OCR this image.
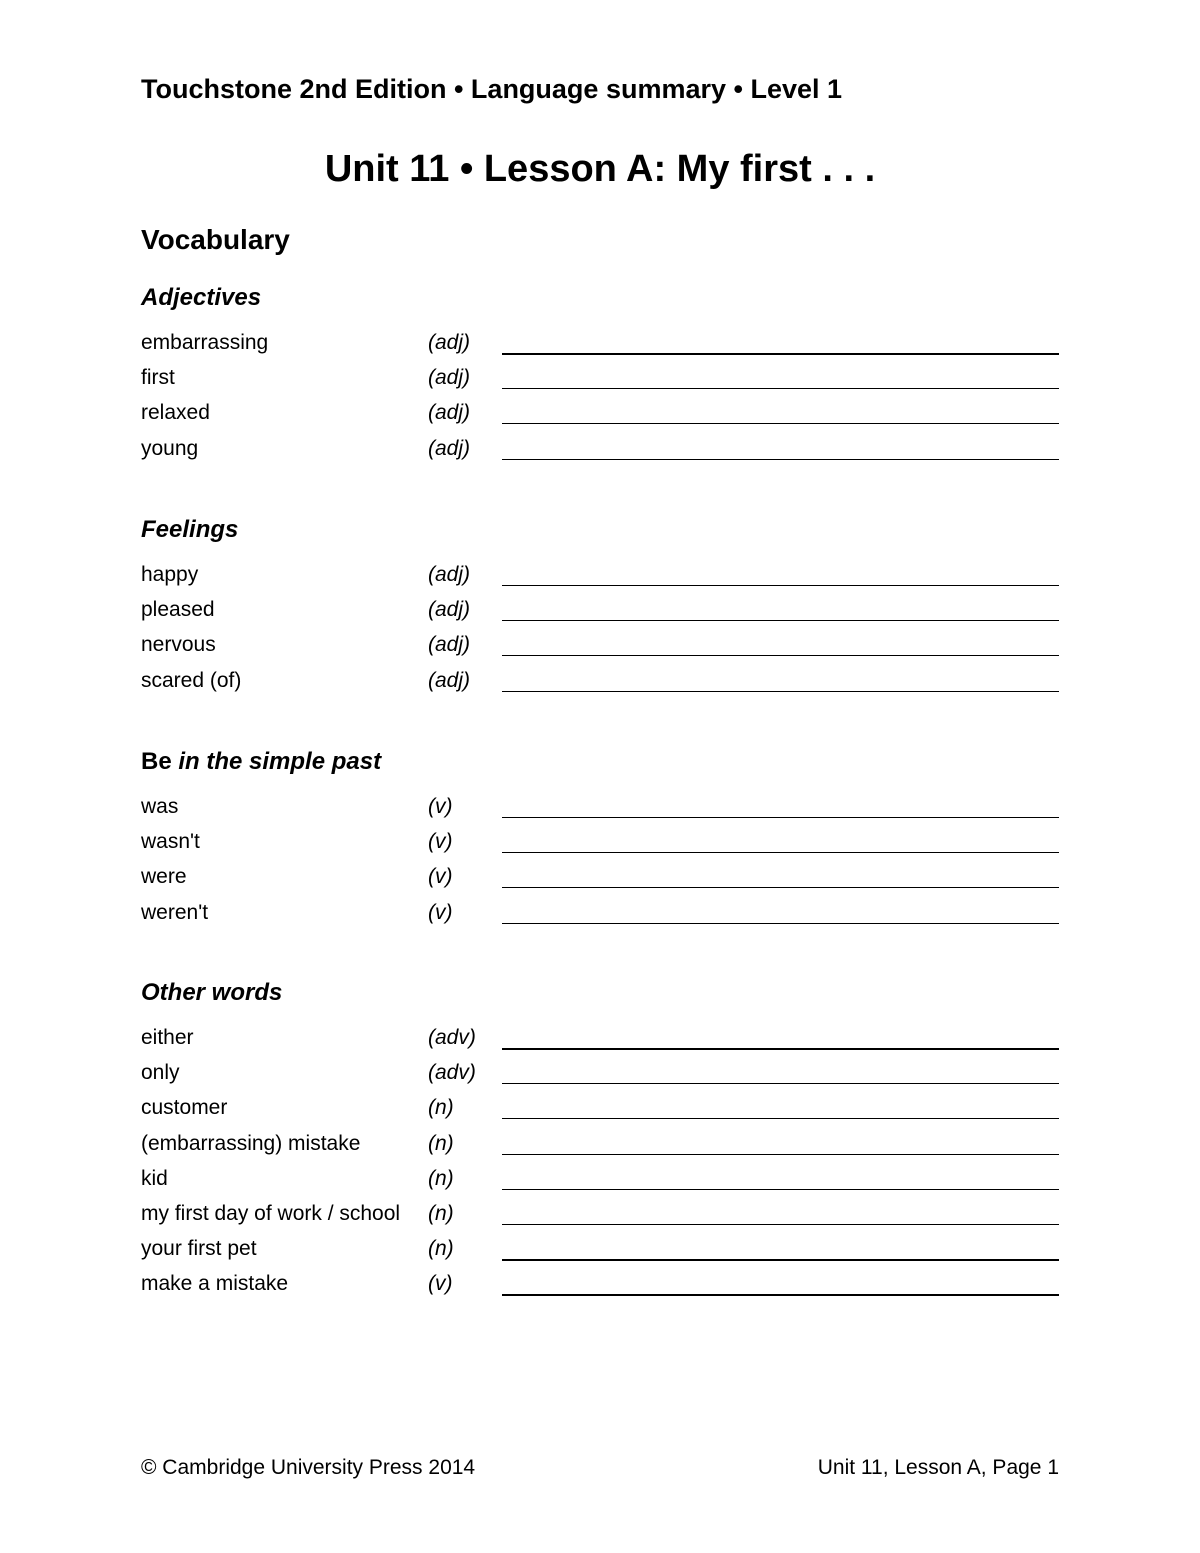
Touchstone 2nd Edition • Language summary • Level 1
Unit 11 • Lesson A: My first . . .
Vocabulary
Adjectives
embarrassing	(adj)
first	(adj)
relaxed	(adj)
young	(adj)
Feelings
happy	(adj)
pleased	(adj)
nervous	(adj)
scared (of)	(adj)
Be in the simple past
was	(v)
wasn't	(v)
were	(v)
weren't	(v)
Other words
either	(adv)
only	(adv)
customer	(n)
(embarrassing) mistake	(n)
kid	(n)
my first day of work / school (n)
your first pet	(n)
make a mistake	(v)
© Cambridge University Press 2014	Unit 11, Lesson A, Page 1
